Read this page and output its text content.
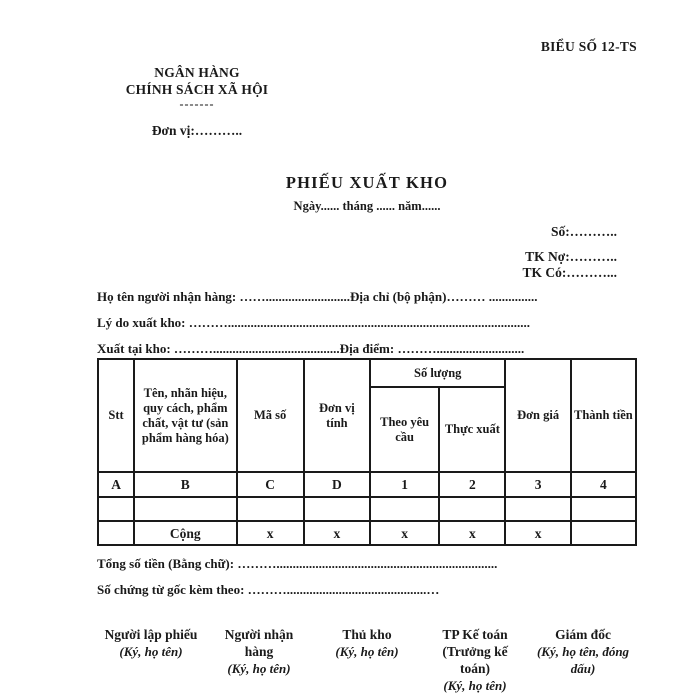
BIỂU SỐ 12-TS
NGÂN HÀNG
CHÍNH SÁCH XÃ HỘI
-------
Đơn vị:………..
PHIẾU XUẤT KHO
Ngày...... tháng ...... năm......
Số:………..
TK Nợ:………..
TK Có:………...
Họ tên người nhận hàng: ……..........................Địa chỉ (bộ phận)……… ...............
Lý do xuất kho: ……….............................................................................................
Xuất tại kho: ……….......................................Địa điểm: ………...........................
Stt	Tên, nhãn hiệu, quy cách, phẩm chất, vật tư (sản phẩm hàng hóa)	Mã số	Đơn vị tính	Số lượng		Đơn giá	Thành tiền
				Theo yêu cầu	Thực xuất		
A	B	C	D	1	2	3	4

	Cộng	x	x	x	x	x	
Tổng số tiền (Bằng chữ): ………....................................................................
Số chứng từ gốc kèm theo: ………...........................................…
Người lập phiếu
(Ký, họ tên)
Người nhận hàng
(Ký, họ tên)
Thủ kho
(Ký, họ tên)
TP Kế toán
(Trưởng kế toán)
(Ký, họ tên)
Giám đốc
(Ký, họ tên, đóng dấu)
